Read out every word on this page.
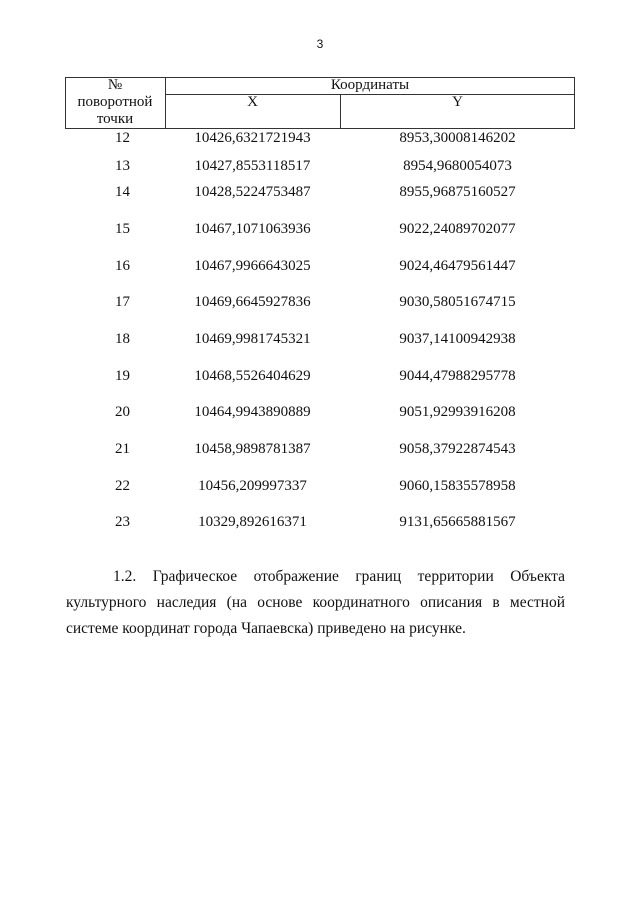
3
№
поворотной
точки
Координаты
X	Y
12	10426,6321721943	8953,30008146202
13	10427,8553118517	8954,9680054073
14	10428,5224753487	8955,96875160527
15	10467,1071063936	9022,24089702077
16	10467,9966643025	9024,46479561447
17	10469,6645927836	9030,58051674715
18	10469,9981745321	9037,14100942938
19	10468,5526404629	9044,47988295778
20	10464,9943890889	9051,92993916208
21	10458,9898781387	9058,37922874543
22	10456,209997337	9060,15835578958
23	10329,892616371	9131,65665881567
1.2. Графическое отображение границ территории Объекта культурного наследия (на основе координатного описания в местной системе координат города Чапаевска) приведено на рисунке.
